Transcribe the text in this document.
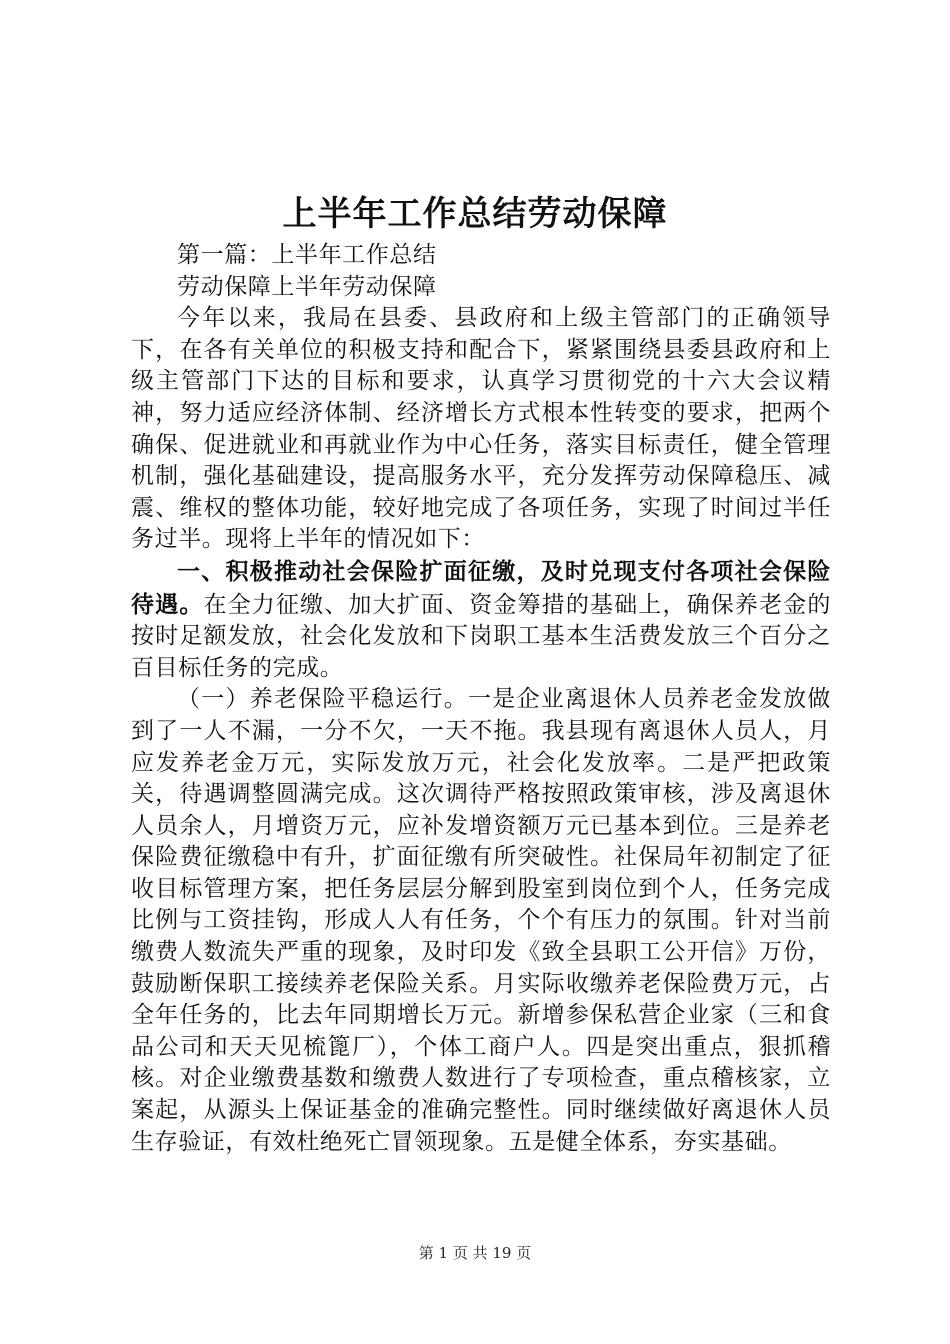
上半年工作总结劳动保障

第一篇：上半年工作总结

劳动保障上半年劳动保障

今年以来，我局在县委、县政府和上级主管部门的正确领导下，在各有关单位的积极支持和配合下，紧紧围绕县委县政府和上级主管部门下达的目标和要求，认真学习贯彻党的十六大会议精神，努力适应经济体制、经济增长方式根本性转变的要求，把两个确保、促进就业和再就业作为中心任务，落实目标责任，健全管理机制，强化基础建设，提高服务水平，充分发挥劳动保障稳压、减震、维权的整体功能，较好地完成了各项任务，实现了时间过半任务过半。现将上半年的情况如下：

一、积极推动社会保险扩面征缴，及时兑现支付各项社会保险待遇。在全力征缴、加大扩面、资金筹措的基础上，确保养老金的按时足额发放，社会化发放和下岗职工基本生活费发放三个百分之百目标任务的完成。

（一）养老保险平稳运行。一是企业离退休人员养老金发放做到了一人不漏，一分不欠，一天不拖。我县现有离退休人员人，月应发养老金万元，实际发放万元，社会化发放率。二是严把政策关，待遇调整圆满完成。这次调待严格按照政策审核，涉及离退休人员余人，月增资万元，应补发增资额万元已基本到位。三是养老保险费征缴稳中有升，扩面征缴有所突破性。社保局年初制定了征收目标管理方案，把任务层层分解到股室到岗位到个人，任务完成比例与工资挂钩，形成人人有任务，个个有压力的氛围。针对当前缴费人数流失严重的现象，及时印发《致全县职工公开信》万份，鼓励断保职工接续养老保险关系。月实际收缴养老保险费万元，占全年任务的，比去年同期增长万元。新增参保私营企业家（三和食品公司和天天见梳篦厂），个体工商户人。四是突出重点，狠抓稽核。对企业缴费基数和缴费人数进行了专项检查，重点稽核家，立案起，从源头上保证基金的准确完整性。同时继续做好离退休人员生存验证，有效杜绝死亡冒领现象。五是健全体系，夯实基础。

第 1 页 共 19 页
